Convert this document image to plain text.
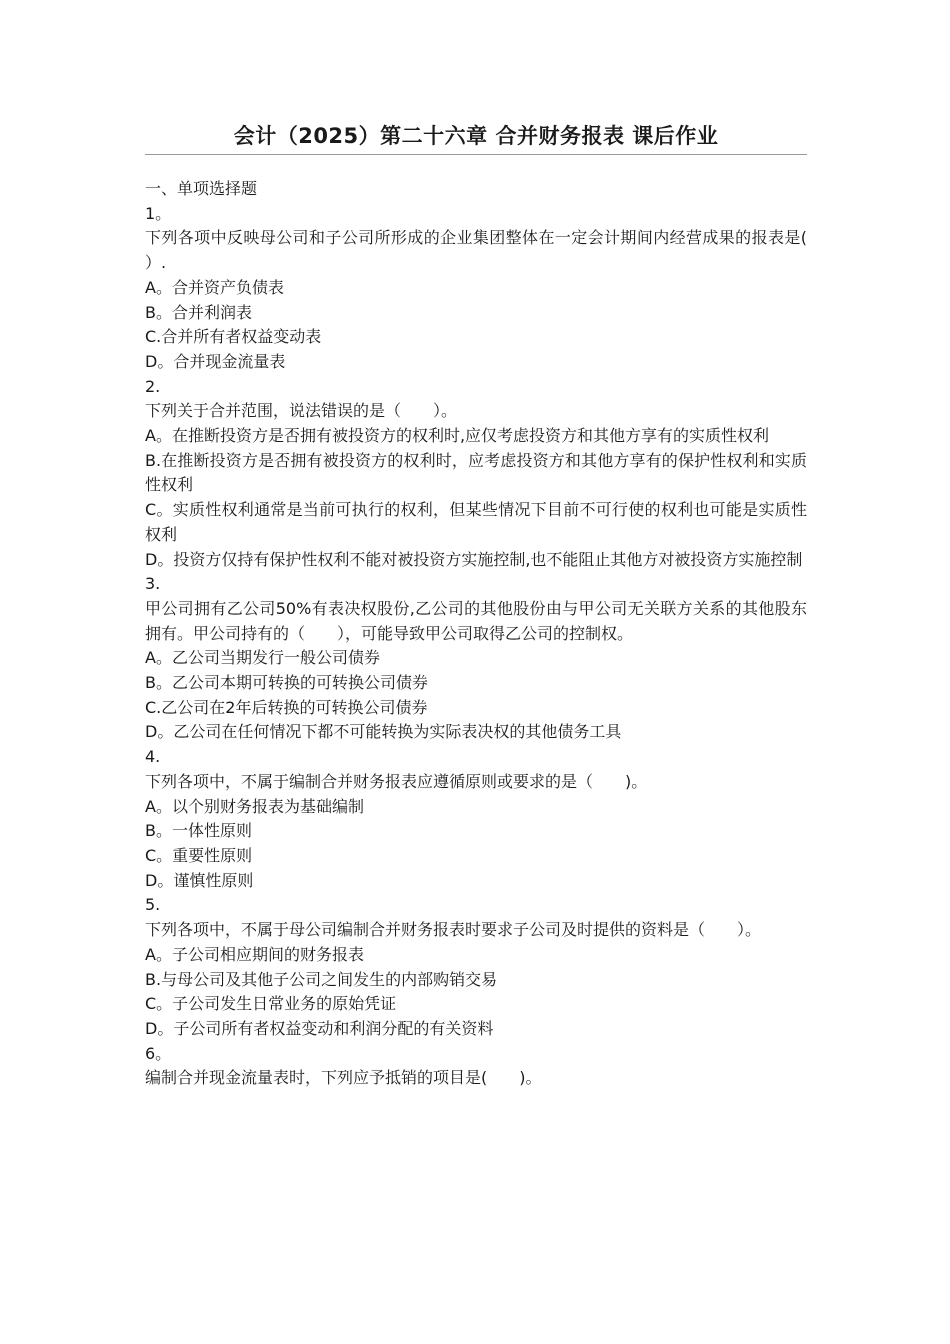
会计（2025）第二十六章 合并财务报表 课后作业
一、单项选择题
1。
下列各项中反映母公司和子公司所形成的企业集团整体在一定会计期间内经营成果的报表是(　　）.
A。合并资产负债表
B。合并利润表
C.合并所有者权益变动表
D。合并现金流量表
2.
下列关于合并范围，说法错误的是（　　）。
A。在推断投资方是否拥有被投资方的权利时,应仅考虑投资方和其他方享有的实质性权利
B.在推断投资方是否拥有被投资方的权利时，应考虑投资方和其他方享有的保护性权利和实质性权利
C。实质性权利通常是当前可执行的权利，但某些情况下目前不可行使的权利也可能是实质性权利
D。投资方仅持有保护性权利不能对被投资方实施控制,也不能阻止其他方对被投资方实施控制
3.
甲公司拥有乙公司50%有表决权股份,乙公司的其他股份由与甲公司无关联方关系的其他股东拥有。甲公司持有的（　　），可能导致甲公司取得乙公司的控制权。
A。乙公司当期发行一般公司债券
B。乙公司本期可转换的可转换公司债券
C.乙公司在2年后转换的可转换公司债券
D。乙公司在任何情况下都不可能转换为实际表决权的其他债务工具
4.
下列各项中，不属于编制合并财务报表应遵循原则或要求的是（　　)。
A。以个别财务报表为基础编制
B。一体性原则
C。重要性原则
D。谨慎性原则
5.
下列各项中，不属于母公司编制合并财务报表时要求子公司及时提供的资料是（　　）。
A。子公司相应期间的财务报表
B.与母公司及其他子公司之间发生的内部购销交易
C。子公司发生日常业务的原始凭证
D。子公司所有者权益变动和利润分配的有关资料
6。
编制合并现金流量表时，下列应予抵销的项目是(　　)。
